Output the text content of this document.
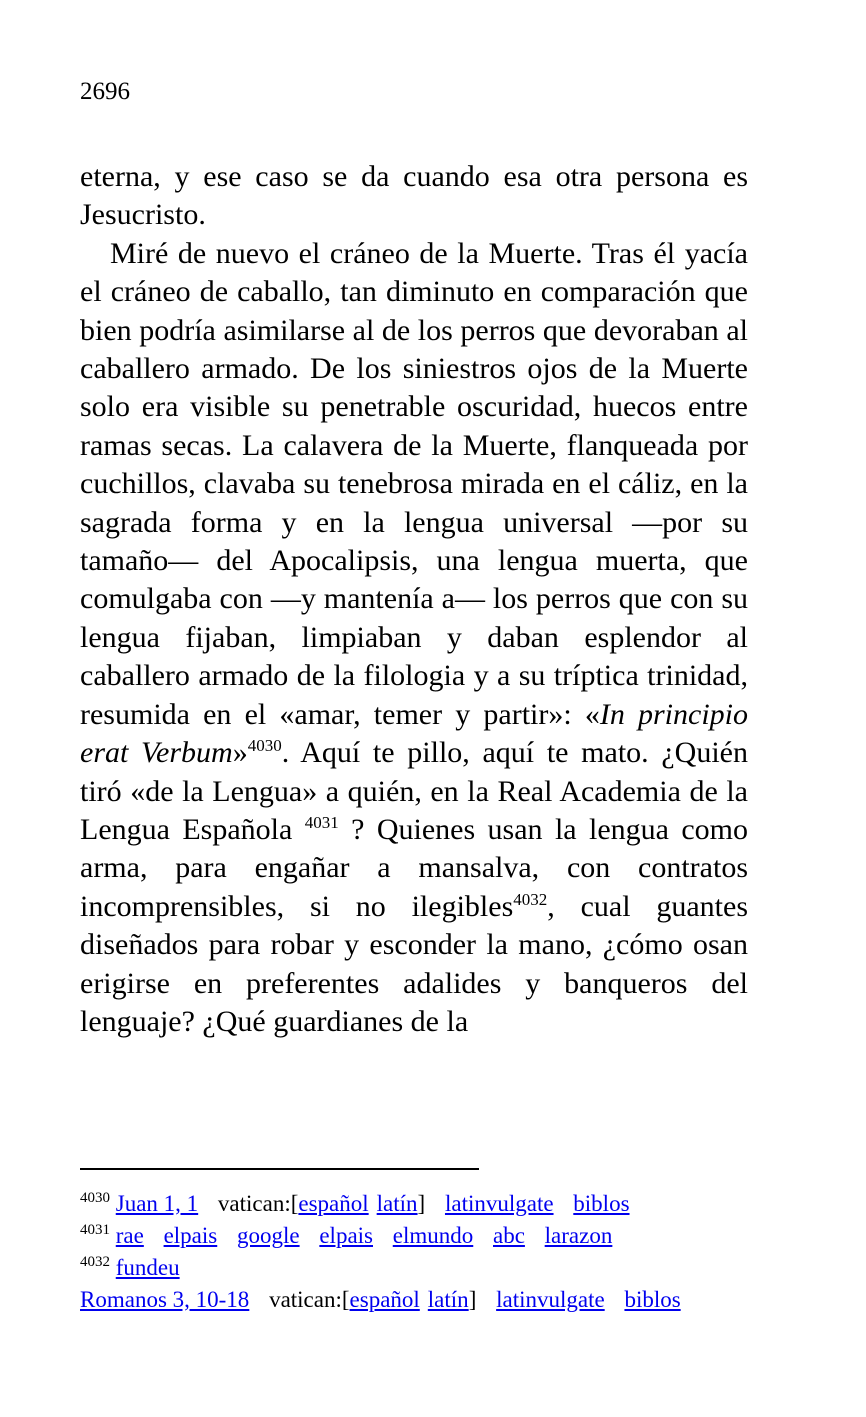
2696

eterna, y ese caso se da cuando esa otra persona es Jesucristo.

Miré de nuevo el cráneo de la Muerte. Tras él yacía el cráneo de caballo, tan diminuto en comparación que bien podría asimilarse al de los perros que devoraban al caballero armado. De los siniestros ojos de la Muerte solo era visible su penetrable oscuridad, huecos entre ramas secas. La calavera de la Muerte, flanqueada por cuchillos, clavaba su tenebrosa mirada en el cáliz, en la sagrada forma y en la lengua universal —por su tamaño— del Apocalipsis, una lengua muerta, que comulgaba con —y mantenía a— los perros que con su lengua fijaban, limpiaban y daban esplendor al caballero armado de la filologia y a su tríptica trinidad, resumida en el «amar, temer y partir»: «In principio erat Verbum»$^{4030}$. Aquí te pillo, aquí te mato. ¿Quién tiró «de la Lengua» a quién, en la Real Academia de la Lengua Española $^{4031}$ ? Quienes usan la lengua como arma, para engañar a mansalva, con contratos incomprensibles, si no ilegibles$^{4032}$, cual guantes diseñados para robar y esconder la mano, ¿cómo osan erigirse en preferentes adalides y banqueros del lenguaje? ¿Qué guardianes de la

$^{4030}$ Juan 1, 1 vatican:[español latín] latinvulgate biblos
$^{4031}$ rae elpais google elpais elmundo abc larazon
$^{4032}$ fundeu
Romanos 3, 10-18 vatican:[español latín] latinvulgate biblos
